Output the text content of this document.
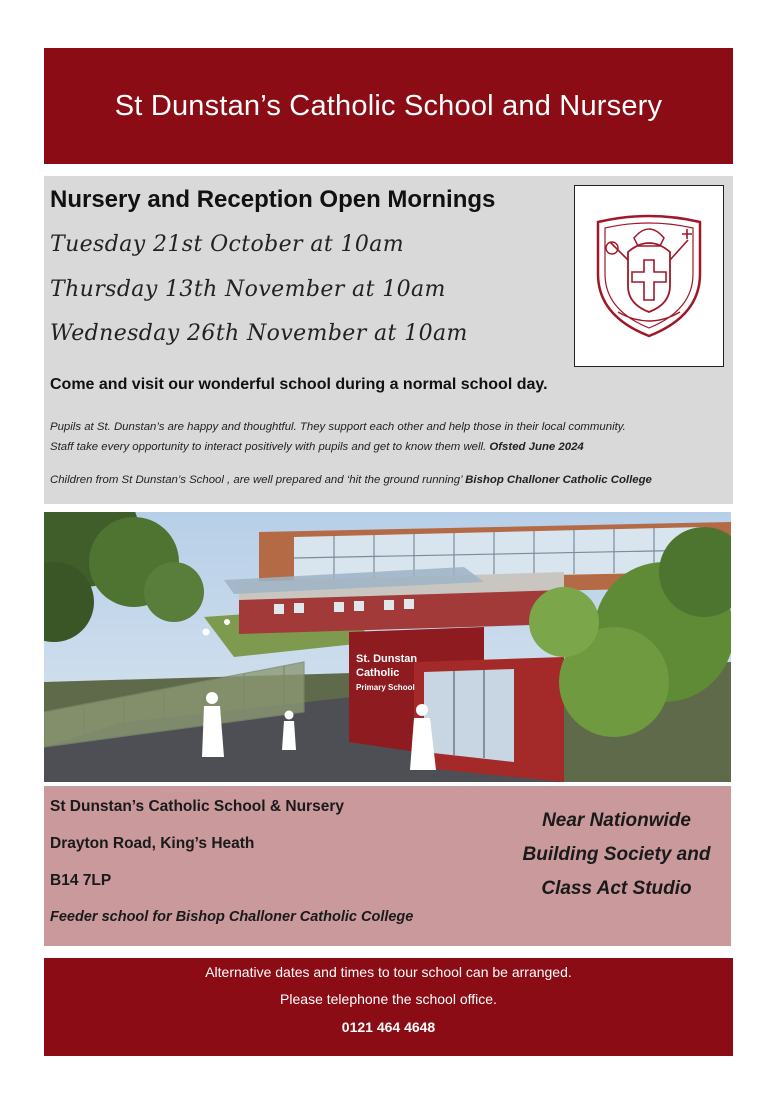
St Dunstan’s Catholic School and Nursery

Nursery and Reception Open Mornings

Tuesday 21st October at 10am

Thursday 13th November at 10am

Wednesday 26th November at 10am

Come and visit our wonderful school during a normal school day.

Pupils at St. Dunstan’s are happy and thoughtful. They support each other and help those in their local community.
Staff take every opportunity to interact positively with pupils and get to know them well. Ofsted June 2024

Children from St Dunstan’s School , are well prepared and ‘hit the ground running’ Bishop Challoner Catholic College

St. Dunstan
Catholic
Primary School

St Dunstan’s Catholic School & Nursery

Drayton Road, King’s Heath

B14 7LP

Feeder school for Bishop Challoner Catholic College

Near Nationwide
Building Society and
Class Act Studio

Alternative dates and times to tour school can be arranged.

Please telephone the school office.

0121 464 4648
